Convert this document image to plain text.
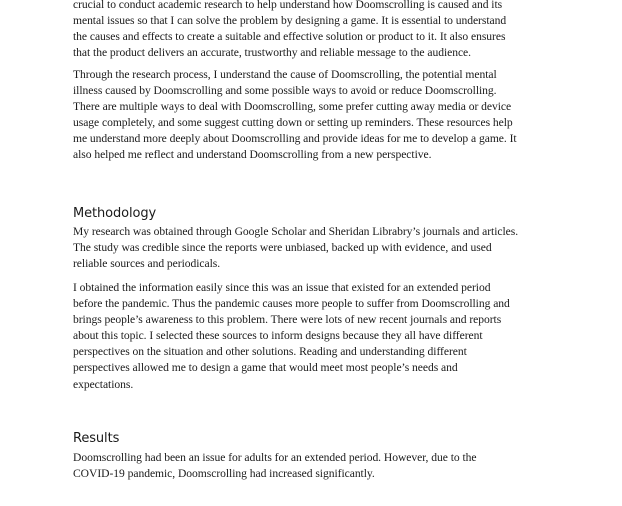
crucial to conduct academic research to help understand how Doomscrolling is caused and its
mental issues so that I can solve the problem by designing a game. It is essential to understand
the causes and effects to create a suitable and effective solution or product to it. It also ensures
that the product delivers an accurate, trustworthy and reliable message to the audience.

Through the research process, I understand the cause of Doomscrolling, the potential mental
illness caused by Doomscrolling and some possible ways to avoid or reduce Doomscrolling.
There are multiple ways to deal with Doomscrolling, some prefer cutting away media or device
usage completely, and some suggest cutting down or setting up reminders. These resources help
me understand more deeply about Doomscrolling and provide ideas for me to develop a game. It
also helped me reflect and understand Doomscrolling from a new perspective.

Methodology

My research was obtained through Google Scholar and Sheridan Librabry’s journals and articles.
The study was credible since the reports were unbiased, backed up with evidence, and used
reliable sources and periodicals.

I obtained the information easily since this was an issue that existed for an extended period
before the pandemic. Thus the pandemic causes more people to suffer from Doomscrolling and
brings people’s awareness to this problem. There were lots of new recent journals and reports
about this topic. I selected these sources to inform designs because they all have different
perspectives on the situation and other solutions. Reading and understanding different
perspectives allowed me to design a game that would meet most people’s needs and
expectations.

Results

Doomscrolling had been an issue for adults for an extended period. However, due to the
COVID-19 pandemic, Doomscrolling had increased significantly.
